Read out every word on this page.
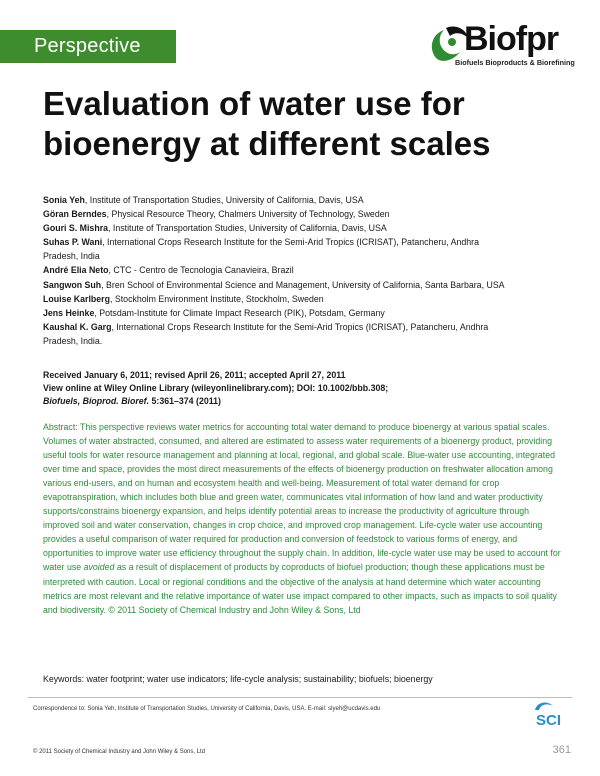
Perspective	Biofpr
Biofuels Bioproducts & Biorefining
Evaluation of water use for bioenergy at different scales
Sonia Yeh, Institute of Transportation Studies, University of California, Davis, USA
Göran Berndes, Physical Resource Theory, Chalmers University of Technology, Sweden
Gouri S. Mishra, Institute of Transportation Studies, University of California, Davis, USA
Suhas P. Wani, International Crops Research Institute for the Semi-Arid Tropics (ICRISAT), Patancheru, Andhra Pradesh, India
André Elia Neto, CTC - Centro de Tecnologia Canavieira, Brazil
Sangwon Suh, Bren School of Environmental Science and Management, University of California, Santa Barbara, USA
Louise Karlberg, Stockholm Environment Institute, Stockholm, Sweden
Jens Heinke, Potsdam-Institute for Climate Impact Research (PIK), Potsdam, Germany
Kaushal K. Garg, International Crops Research Institute for the Semi-Arid Tropics (ICRISAT), Patancheru, Andhra Pradesh, India.
Received January 6, 2011; revised April 26, 2011; accepted April 27, 2011
View online at Wiley Online Library (wileyonlinelibrary.com); DOI: 10.1002/bbb.308;
Biofuels, Bioprod. Bioref. 5:361–374 (2011)

Abstract: This perspective reviews water metrics for accounting total water demand to produce bioenergy at various spatial scales. Volumes of water abstracted, consumed, and altered are estimated to assess water requirements of a bioenergy product, providing useful tools for water resource management and planning at local, regional, and global scale. Blue-water use accounting, integrated over time and space, provides the most direct measurements of the effects of bioenergy production on freshwater allocation among various end-users, and on human and ecosystem health and well-being. Measurement of total water demand for crop evapotranspiration, which includes both blue and green water, communicates vital information of how land and water productivity supports/constrains bioenergy expansion, and helps identify potential areas to increase the productivity of agriculture through improved soil and water conservation, changes in crop choice, and improved crop management. Life-cycle water use accounting provides a useful comparison of water required for production and conversion of feedstock to various forms of energy, and opportunities to improve water use efficiency throughout the supply chain. In addition, life-cycle water use may be used to account for water use avoided as a result of displacement of products by coproducts of biofuel production; though these applications must be interpreted with caution. Local or regional conditions and the objective of the analysis at hand determine which water accounting metrics are most relevant and the relative importance of water use impact compared to other impacts, such as impacts to soil quality and biodiversity. © 2011 Society of Chemical Industry and John Wiley & Sons, Ltd

Keywords: water footprint; water use indicators; life-cycle analysis; sustainability; biofuels; bioenergy
Correspondence to: Sonia Yeh, Institute of Transportation Studies, University of California, Davis, USA. E-mail: slyeh@ucdavis.edu
SCI
© 2011 Society of Chemical Industry and John Wiley & Sons, Ltd	361
